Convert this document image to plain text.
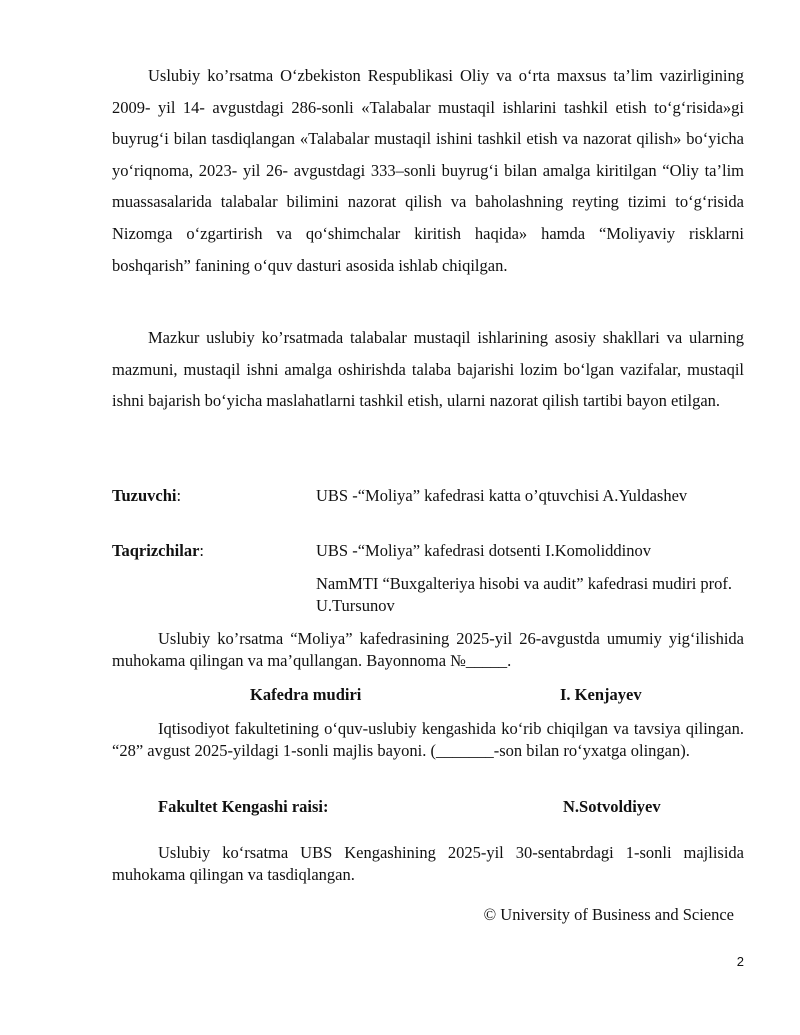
Uslubiy ko’rsatma O‘zbekiston Respublikasi Oliy va o‘rta maxsus ta’lim vazirligining 2009- yil 14- avgustdagi 286-sonli «Talabalar mustaqil ishlarini tashkil etish to‘g‘risida»gi buyrug‘i bilan tasdiqlangan «Talabalar mustaqil ishini tashkil etish va nazorat qilish» bo‘yicha yo‘riqnoma, 2023- yil 26- avgustdagi 333–sonli buyrug‘i bilan amalga kiritilgan “Oliy ta’lim muassasalarida talabalar bilimini nazorat qilish va baholashning reyting tizimi to‘g‘risida Nizomga o‘zgartirish va qo‘shimchalar kiritish haqida» hamda “Moliyaviy risklarni boshqarish” fanining o‘quv dasturi asosida ishlab chiqilgan.

Mazkur uslubiy ko’rsatmada talabalar mustaqil ishlarining asosiy shakllari va ularning mazmuni, mustaqil ishni amalga oshirishda talaba bajarishi lozim bo‘lgan vazifalar, mustaqil ishni bajarish bo‘yicha maslahatlarni tashkil etish, ularni nazorat qilish tartibi bayon etilgan.

Tuzuvchi:	UBS -“Moliya” kafedrasi katta o’qtuvchisi A.Yuldashev
Taqrizchilar:	UBS -“Moliya” kafedrasi dotsenti I.Komoliddinov
NamMTI “Buxgalteriya hisobi va audit” kafedrasi mudiri prof. U.Tursunov

Uslubiy ko’rsatma “Moliya” kafedrasining 2025-yil 26-avgustda umumiy yig‘ilishida muhokama qilingan va ma’qullangan. Bayonnoma №_____.

Kafedra mudiri	I. Kenjayev

Iqtisodiyot fakultetining o‘quv-uslubiy kengashida ko‘rib chiqilgan va tavsiya qilingan. “28” avgust 2025-yildagi 1-sonli majlis bayoni. (_______-son bilan ro‘yxatga olingan).

Fakultet Kengashi raisi:	N.Sotvoldiyev

Uslubiy ko‘rsatma UBS Kengashining 2025-yil 30-sentabrdagi 1-sonli majlisida muhokama qilingan va tasdiqlangan.

© University of Business and Science
2
